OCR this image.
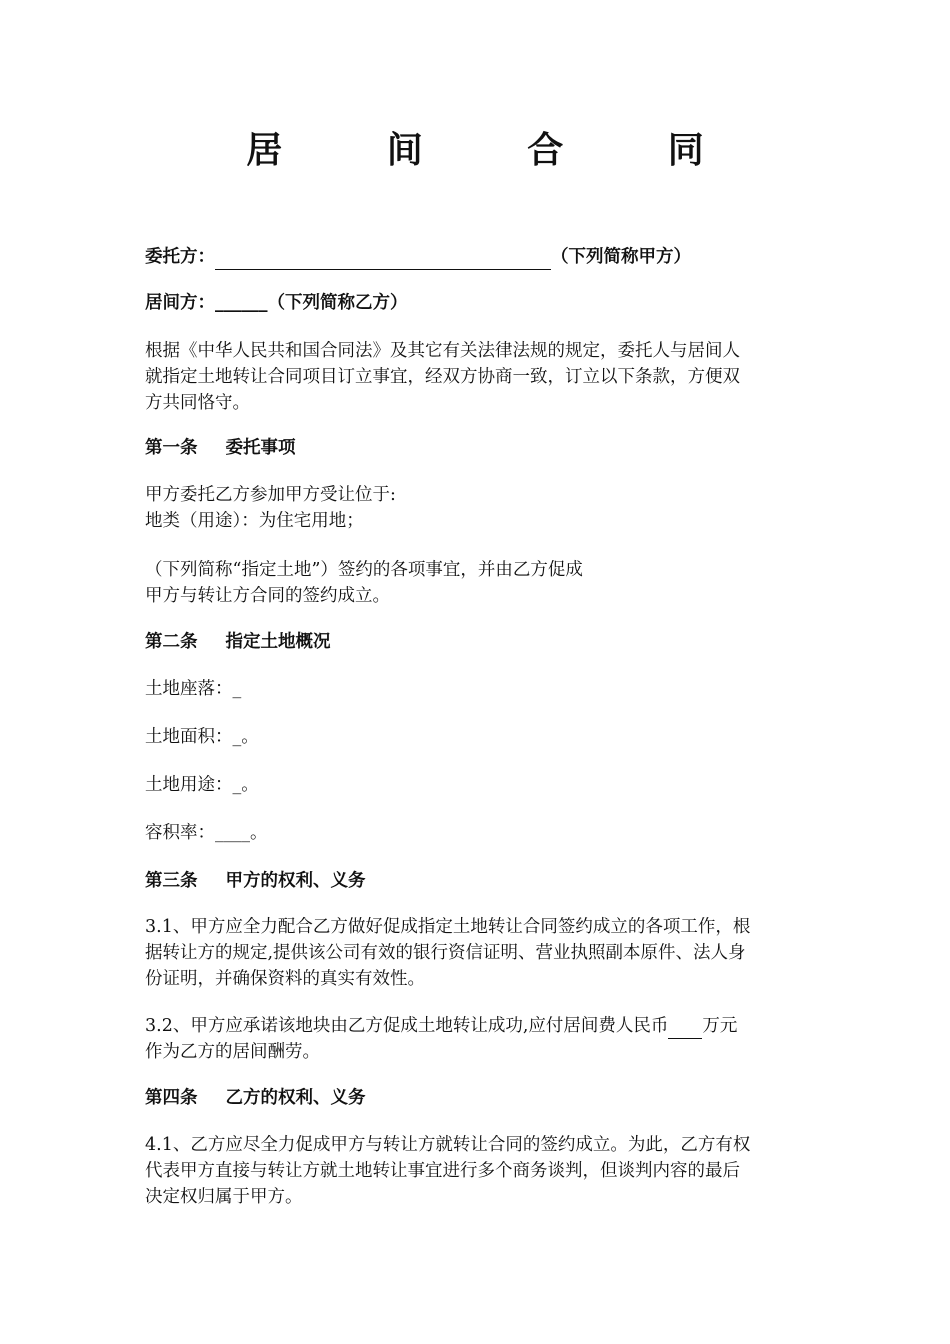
居 间 合 同
委托方：	（下列简称甲方）
居间方：______（下列简称乙方）
根据《中华人民共和国合同法》及其它有关法律法规的规定，委托人与居间人
就指定土地转让合同项目订立事宜，经双方协商一致，订立以下条款，方便双
方共同恪守。
第一条 委托事项
甲方委托乙方参加甲方受让位于:
地类（用途）：为住宅用地；
（下列简称“指定土地”）签约的各项事宜，并由乙方促成
甲方与转让方合同的签约成立。
第二条 指定土地概况
土地座落：_
土地面积：_。
土地用途：_。
容积率：____。
第三条 甲方的权利、义务
3.1、甲方应全力配合乙方做好促成指定土地转让合同签约成立的各项工作，根
据转让方的规定,提供该公司有效的银行资信证明、营业执照副本原件、法人身
份证明，并确保资料的真实有效性。
3.2、甲方应承诺该地块由乙方促成土地转让成功,应付居间费人民币 万元
作为乙方的居间酬劳。
第四条 乙方的权利、义务
4.1、乙方应尽全力促成甲方与转让方就转让合同的签约成立。为此，乙方有权
代表甲方直接与转让方就土地转让事宜进行多个商务谈判，但谈判内容的最后
决定权归属于甲方。
